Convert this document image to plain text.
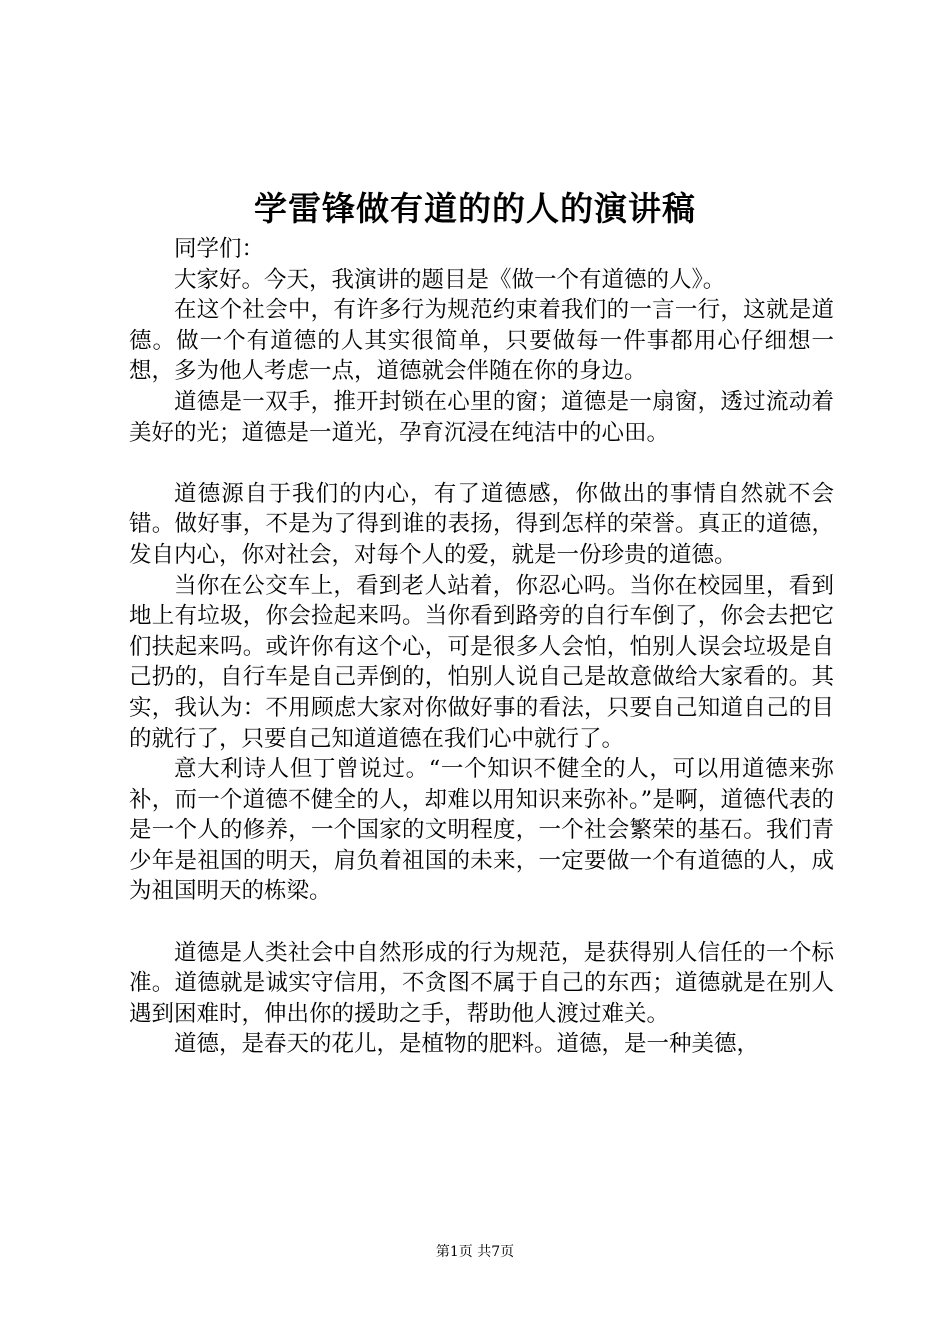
学雷锋做有道的的人的演讲稿

同学们：

大家好。今天，我演讲的题目是《做一个有道德的人》。

在这个社会中，有许多行为规范约束着我们的一言一行，这就是道德。做一个有道德的人其实很简单，只要做每一件事都用心仔细想一想，多为他人考虑一点，道德就会伴随在你的身边。

道德是一双手，推开封锁在心里的窗；道德是一扇窗，透过流动着美好的光；道德是一道光，孕育沉浸在纯洁中的心田。

道德源自于我们的内心，有了道德感，你做出的事情自然就不会错。做好事，不是为了得到谁的表扬，得到怎样的荣誉。真正的道德，发自内心，你对社会，对每个人的爱，就是一份珍贵的道德。

当你在公交车上，看到老人站着，你忍心吗。当你在校园里，看到地上有垃圾，你会捡起来吗。当你看到路旁的自行车倒了，你会去把它们扶起来吗。或许你有这个心，可是很多人会怕，怕别人误会垃圾是自己扔的，自行车是自己弄倒的，怕别人说自己是故意做给大家看的。其实，我认为：不用顾虑大家对你做好事的看法，只要自己知道自己的目的就行了，只要自己知道道德在我们心中就行了。

意大利诗人但丁曾说过。“一个知识不健全的人，可以用道德来弥补，而一个道德不健全的人，却难以用知识来弥补。”是啊，道德代表的是一个人的修养，一个国家的文明程度，一个社会繁荣的基石。我们青少年是祖国的明天，肩负着祖国的未来，一定要做一个有道德的人，成为祖国明天的栋梁。

道德是人类社会中自然形成的行为规范，是获得别人信任的一个标准。道德就是诚实守信用，不贪图不属于自己的东西；道德就是在别人遇到困难时，伸出你的援助之手，帮助他人渡过难关。

道德，是春天的花儿，是植物的肥料。道德，是一种美德，

第1页 共7页
